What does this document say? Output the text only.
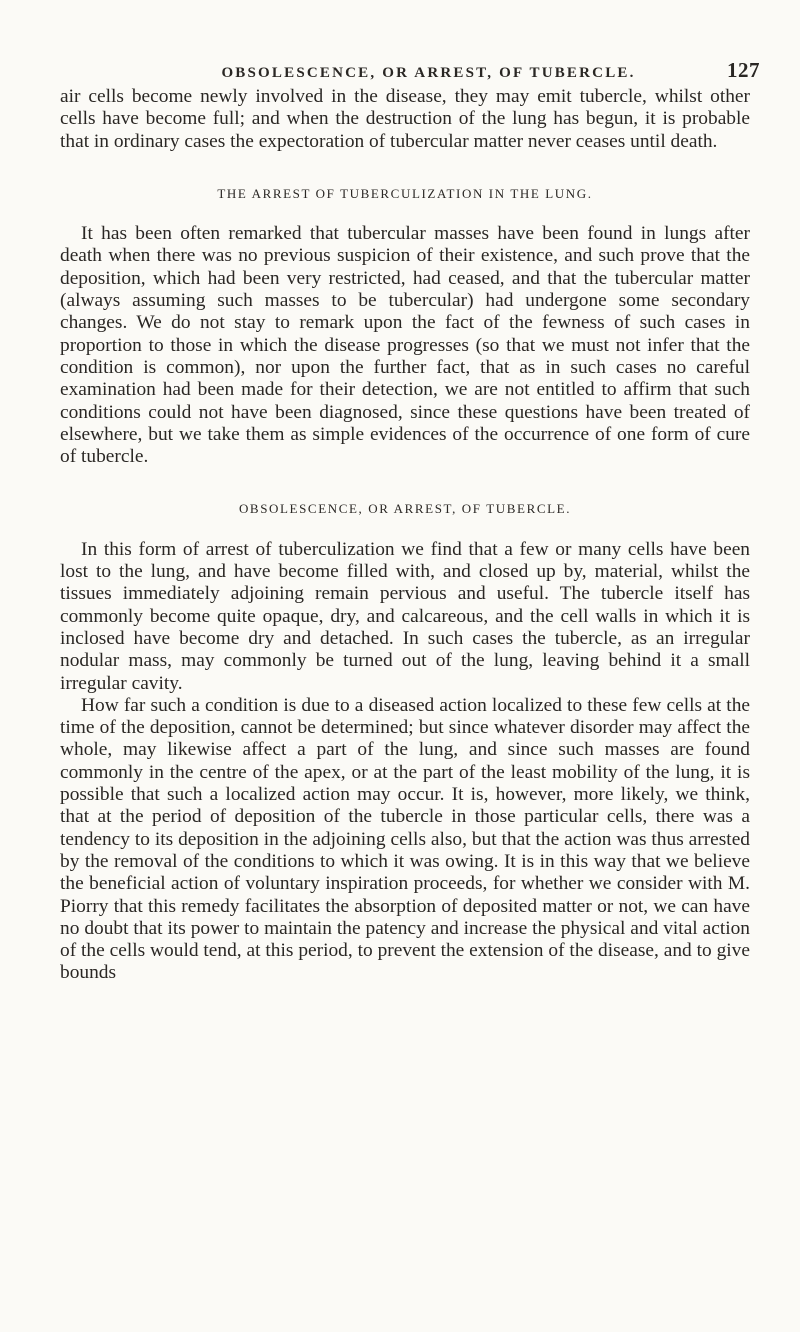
OBSOLESCENCE, OR ARREST, OF TUBERCLE.	127

air cells become newly involved in the disease, they may emit tubercle, whilst other cells have become full; and when the destruction of the lung has begun, it is probable that in ordinary cases the expectoration of tubercular matter never ceases until death.

THE ARREST OF TUBERCULIZATION IN THE LUNG.

It has been often remarked that tubercular masses have been found in lungs after death when there was no previous suspicion of their existence, and such prove that the deposition, which had been very restricted, had ceased, and that the tubercular matter (always assuming such masses to be tubercular) had undergone some secondary changes. We do not stay to remark upon the fact of the fewness of such cases in proportion to those in which the disease progresses (so that we must not infer that the condition is common), nor upon the further fact, that as in such cases no careful examination had been made for their detection, we are not entitled to affirm that such conditions could not have been diagnosed, since these questions have been treated of elsewhere, but we take them as simple evidences of the occurrence of one form of cure of tubercle.

OBSOLESCENCE, OR ARREST, OF TUBERCLE.

In this form of arrest of tuberculization we find that a few or many cells have been lost to the lung, and have become filled with, and closed up by, material, whilst the tissues immediately adjoining remain pervious and useful. The tubercle itself has commonly become quite opaque, dry, and calcareous, and the cell walls in which it is inclosed have become dry and detached. In such cases the tubercle, as an irregular nodular mass, may commonly be turned out of the lung, leaving behind it a small irregular cavity.

How far such a condition is due to a diseased action localized to these few cells at the time of the deposition, cannot be determined; but since whatever disorder may affect the whole, may likewise affect a part of the lung, and since such masses are found commonly in the centre of the apex, or at the part of the least mobility of the lung, it is possible that such a localized action may occur. It is, however, more likely, we think, that at the period of deposition of the tubercle in those particular cells, there was a tendency to its deposition in the adjoining cells also, but that the action was thus arrested by the removal of the conditions to which it was owing. It is in this way that we believe the beneficial action of voluntary inspiration proceeds, for whether we consider with M. Piorry that this remedy facilitates the absorption of deposited matter or not, we can have no doubt that its power to maintain the patency and increase the physical and vital action of the cells would tend, at this period, to prevent the extension of the disease, and to give bounds
